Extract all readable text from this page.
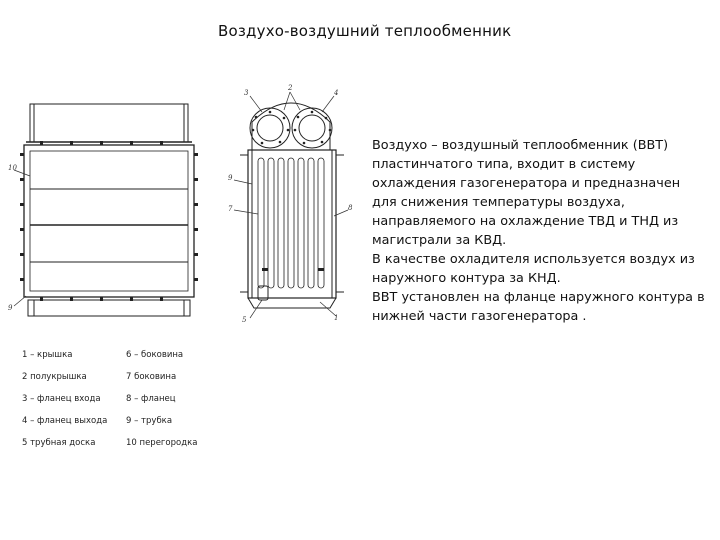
Воздухо-воздушний теплообменник
10
9
3
2
4
9
7	8
5	1

Воздухо – воздушный теплообменник (ВВТ) пластинчатого типа, входит в систему охлаждения газогенератора и предназначен для снижения температуры воздуха, направляемого на охлаждение ТВД и ТНД из магистрали за КВД.

В качестве охладителя используется воздух из наружного контура за КНД.

ВВТ установлен на фланце наружного контура в нижней части газогенератора .

1 – крышка
2 полукрышка
3 – фланец входа
4 – фланец выхода
5 трубная доска
6 – боковина
7 боковина
8 – фланец
9 – трубка
10 перегородка
